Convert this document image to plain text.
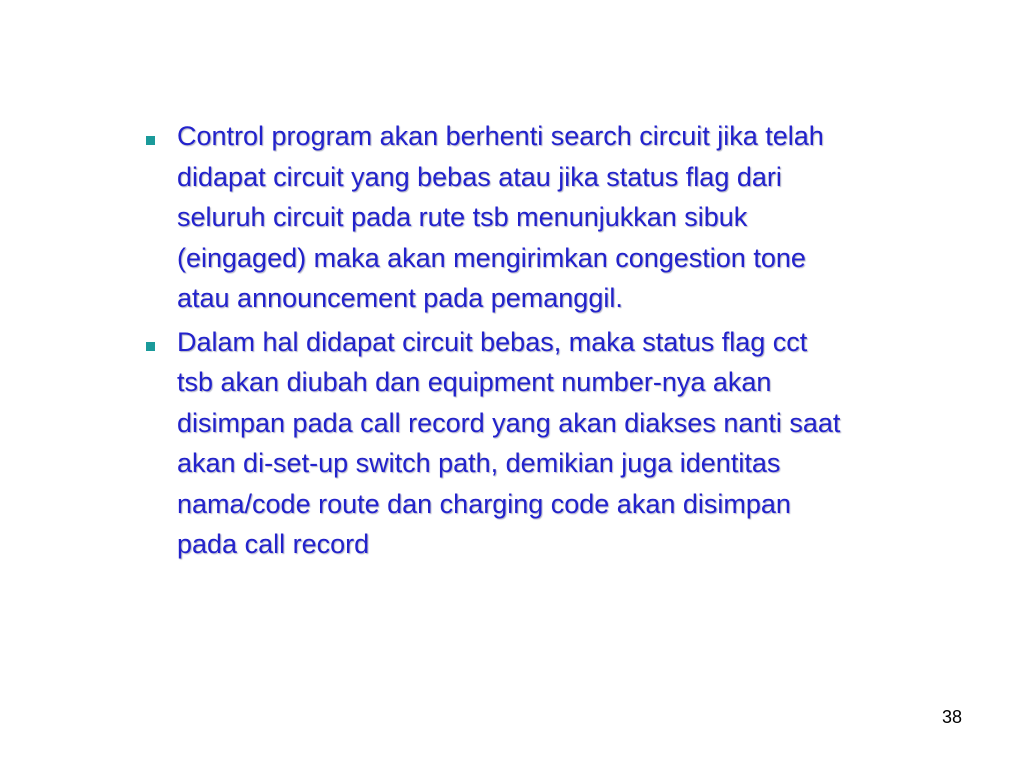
Control program akan berhenti search circuit jika telah
didapat circuit yang bebas atau jika status flag dari
seluruh circuit pada rute tsb menunjukkan sibuk
(eingaged) maka akan mengirimkan congestion tone
atau announcement pada pemanggil.
Dalam hal didapat circuit bebas, maka status flag cct
tsb akan diubah dan equipment number-nya akan
disimpan pada call record yang akan diakses nanti saat
akan di-set-up switch path, demikian juga identitas
nama/code route dan charging code akan disimpan
pada call record
38
